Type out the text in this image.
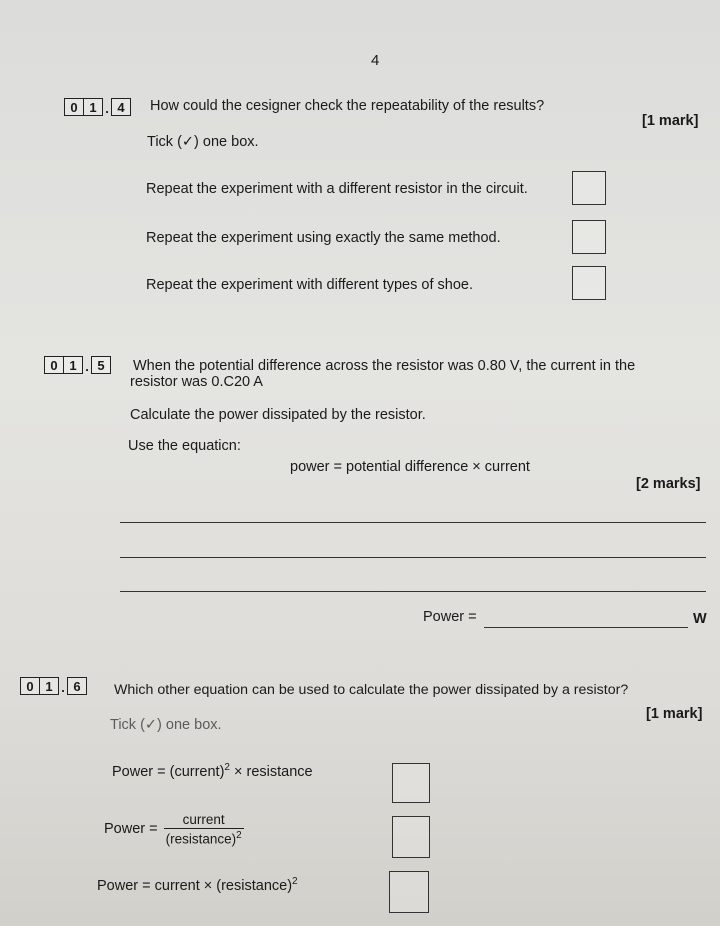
4
0 1 . 4	How could the cesigner check the repeatability of the results?
[1 mark]
Tick (✓) one box.
Repeat the experiment with a different resistor in the circuit.
Repeat the experiment using exactly the same method.
Repeat the experiment with different types of shoe.
0 1 . 5	When the potential difference across the resistor was 0.80 V, the current in the
resistor was 0.C20 A
Calculate the power dissipated by the resistor.
Use the equaticn:
power = potential difference × current
[2 marks]
Power =	W
0 1 . 6	Which other equation can be used to calculate the power dissipated by a resistor?
[1 mark]
Tick (✓) one box.
Power = (current)$^2$ × resistance
Power = $\frac{\text{current}}{(resistance)^2}$
Power = current × (resistance)$^2$
